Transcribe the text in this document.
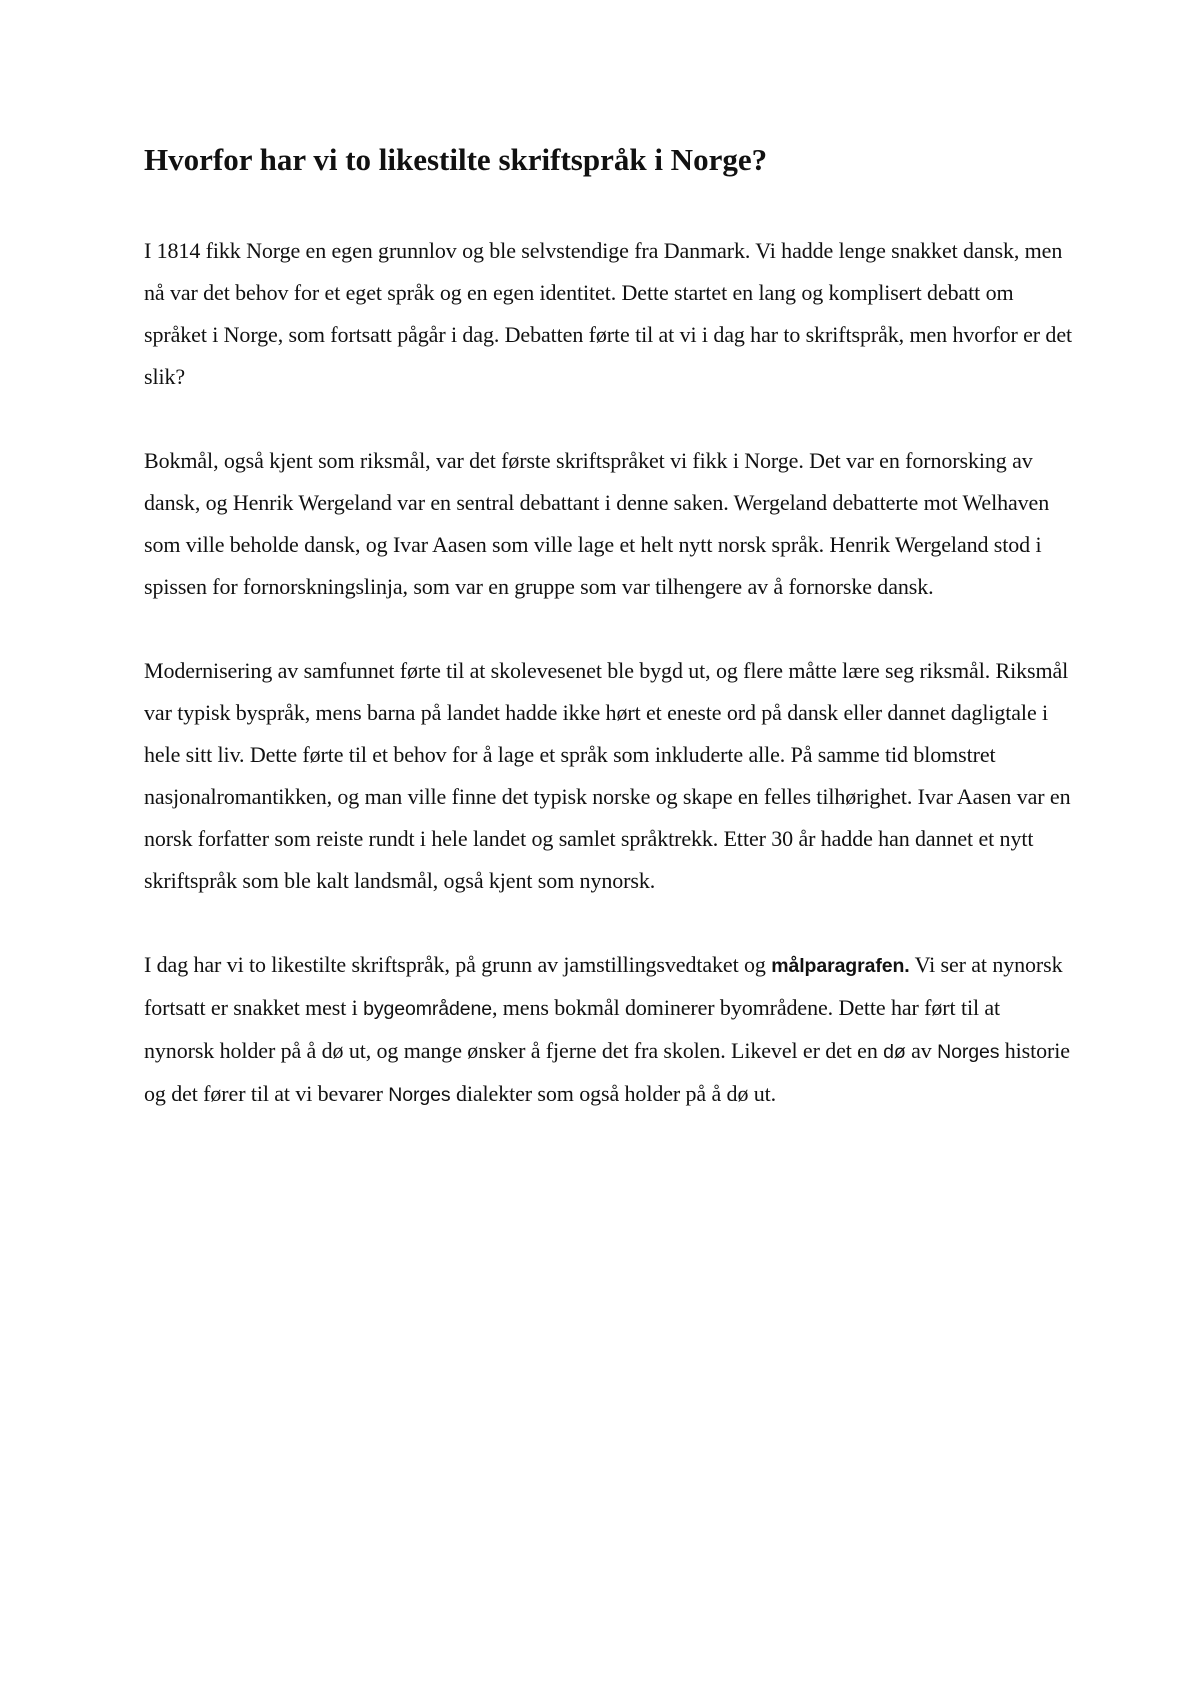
Hvorfor har vi to likestilte skriftspråk i Norge?

I 1814 fikk Norge en egen grunnlov og ble selvstendige fra Danmark. Vi hadde lenge snakket dansk, men nå var det behov for et eget språk og en egen identitet. Dette startet en lang og komplisert debatt om språket i Norge, som fortsatt pågår i dag. Debatten førte til at vi i dag har to skriftspråk, men hvorfor er det slik?

Bokmål, også kjent som riksmål, var det første skriftspråket vi fikk i Norge. Det var en fornorsking av dansk, og Henrik Wergeland var en sentral debattant i denne saken. Wergeland debatterte mot Welhaven som ville beholde dansk, og Ivar Aasen som ville lage et helt nytt norsk språk. Henrik Wergeland stod i spissen for fornorskningslinja, som var en gruppe som var tilhengere av å fornorske dansk.

Modernisering av samfunnet førte til at skolevesenet ble bygd ut, og flere måtte lære seg riksmål. Riksmål var typisk byspråk, mens barna på landet hadde ikke hørt et eneste ord på dansk eller dannet dagligtale i hele sitt liv. Dette førte til et behov for å lage et språk som inkluderte alle. På samme tid blomstret nasjonalromantikken, og man ville finne det typisk norske og skape en felles tilhørighet. Ivar Aasen var en norsk forfatter som reiste rundt i hele landet og samlet språktrekk. Etter 30 år hadde han dannet et nytt skriftspråk som ble kalt landsmål, også kjent som nynorsk.

I dag har vi to likestilte skriftspråk, på grunn av jamstillingsvedtaket og målparagrafen. Vi ser at nynorsk fortsatt er snakket mest i bygeområdene, mens bokmål dominerer byområdene. Dette har ført til at nynorsk holder på å dø ut, og mange ønsker å fjerne det fra skolen. Likevel er det en dø av Norges historie og det fører til at vi bevarer Norges dialekter som også holder på å dø ut.
